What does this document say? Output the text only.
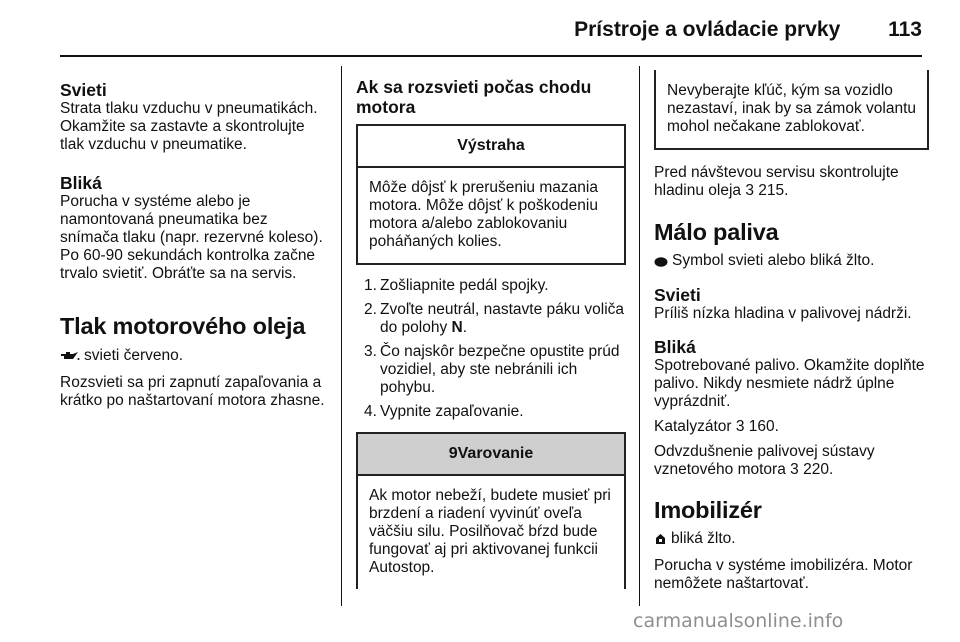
Prístroje a ovládacie prvky 113
Svieti

Strata tlaku vzduchu v pneumatikách. Okamžite sa zastavte a skontrolujte tlak vzduchu v pneumatike.

Bliká

Porucha v systéme alebo je namontovaná pneumatika bez snímača tlaku (napr. rezervné koleso). Po 60-90 sekundách kontrolka začne trvalo svietiť. Obráťte sa na servis.

Tlak motorového oleja

svieti červeno.

Rozsvieti sa pri zapnutí zapaľovania a krátko po naštartovaní motora zhasne.

Ak sa rozsvieti počas chodu motora
Výstraha
Môže dôjsť k prerušeniu mazania motora. Môže dôjsť k poškodeniu motora a/alebo zablokovaniu poháňaných kolies.
1. Zošliapnite pedál spojky.
2. Zvoľte neutrál, nastavte páku voliča do polohy N.
3. Čo najskôr bezpečne opustite prúd vozidiel, aby ste nebránili ich pohybu.
4. Vypnite zapaľovanie.
9Varovanie
Ak motor nebeží, budete musieť pri brzdení a riadení vyvinúť oveľa väčšiu silu. Posilňovač bŕzd bude fungovať aj pri aktivovanej funkcii Autostop.
Nevyberajte kľúč, kým sa vozidlo nezastaví, inak by sa zámok volantu mohol nečakane zablokovať.

Pred návštevou servisu skontrolujte hladinu oleja 3 215.

Málo paliva

Symbol svieti alebo bliká žlto.

Svieti

Príliš nízka hladina v palivovej nádrži.

Bliká

Spotrebované palivo. Okamžite doplňte palivo. Nikdy nesmiete nádrž úplne vyprázdniť.

Katalyzátor 3 160.

Odvzdušnenie palivovej sústavy vznetového motora 3 220.

Imobilizér

bliká žlto.

Porucha v systéme imobilizéra. Motor nemôžete naštartovať.

carmanualsonline.info
